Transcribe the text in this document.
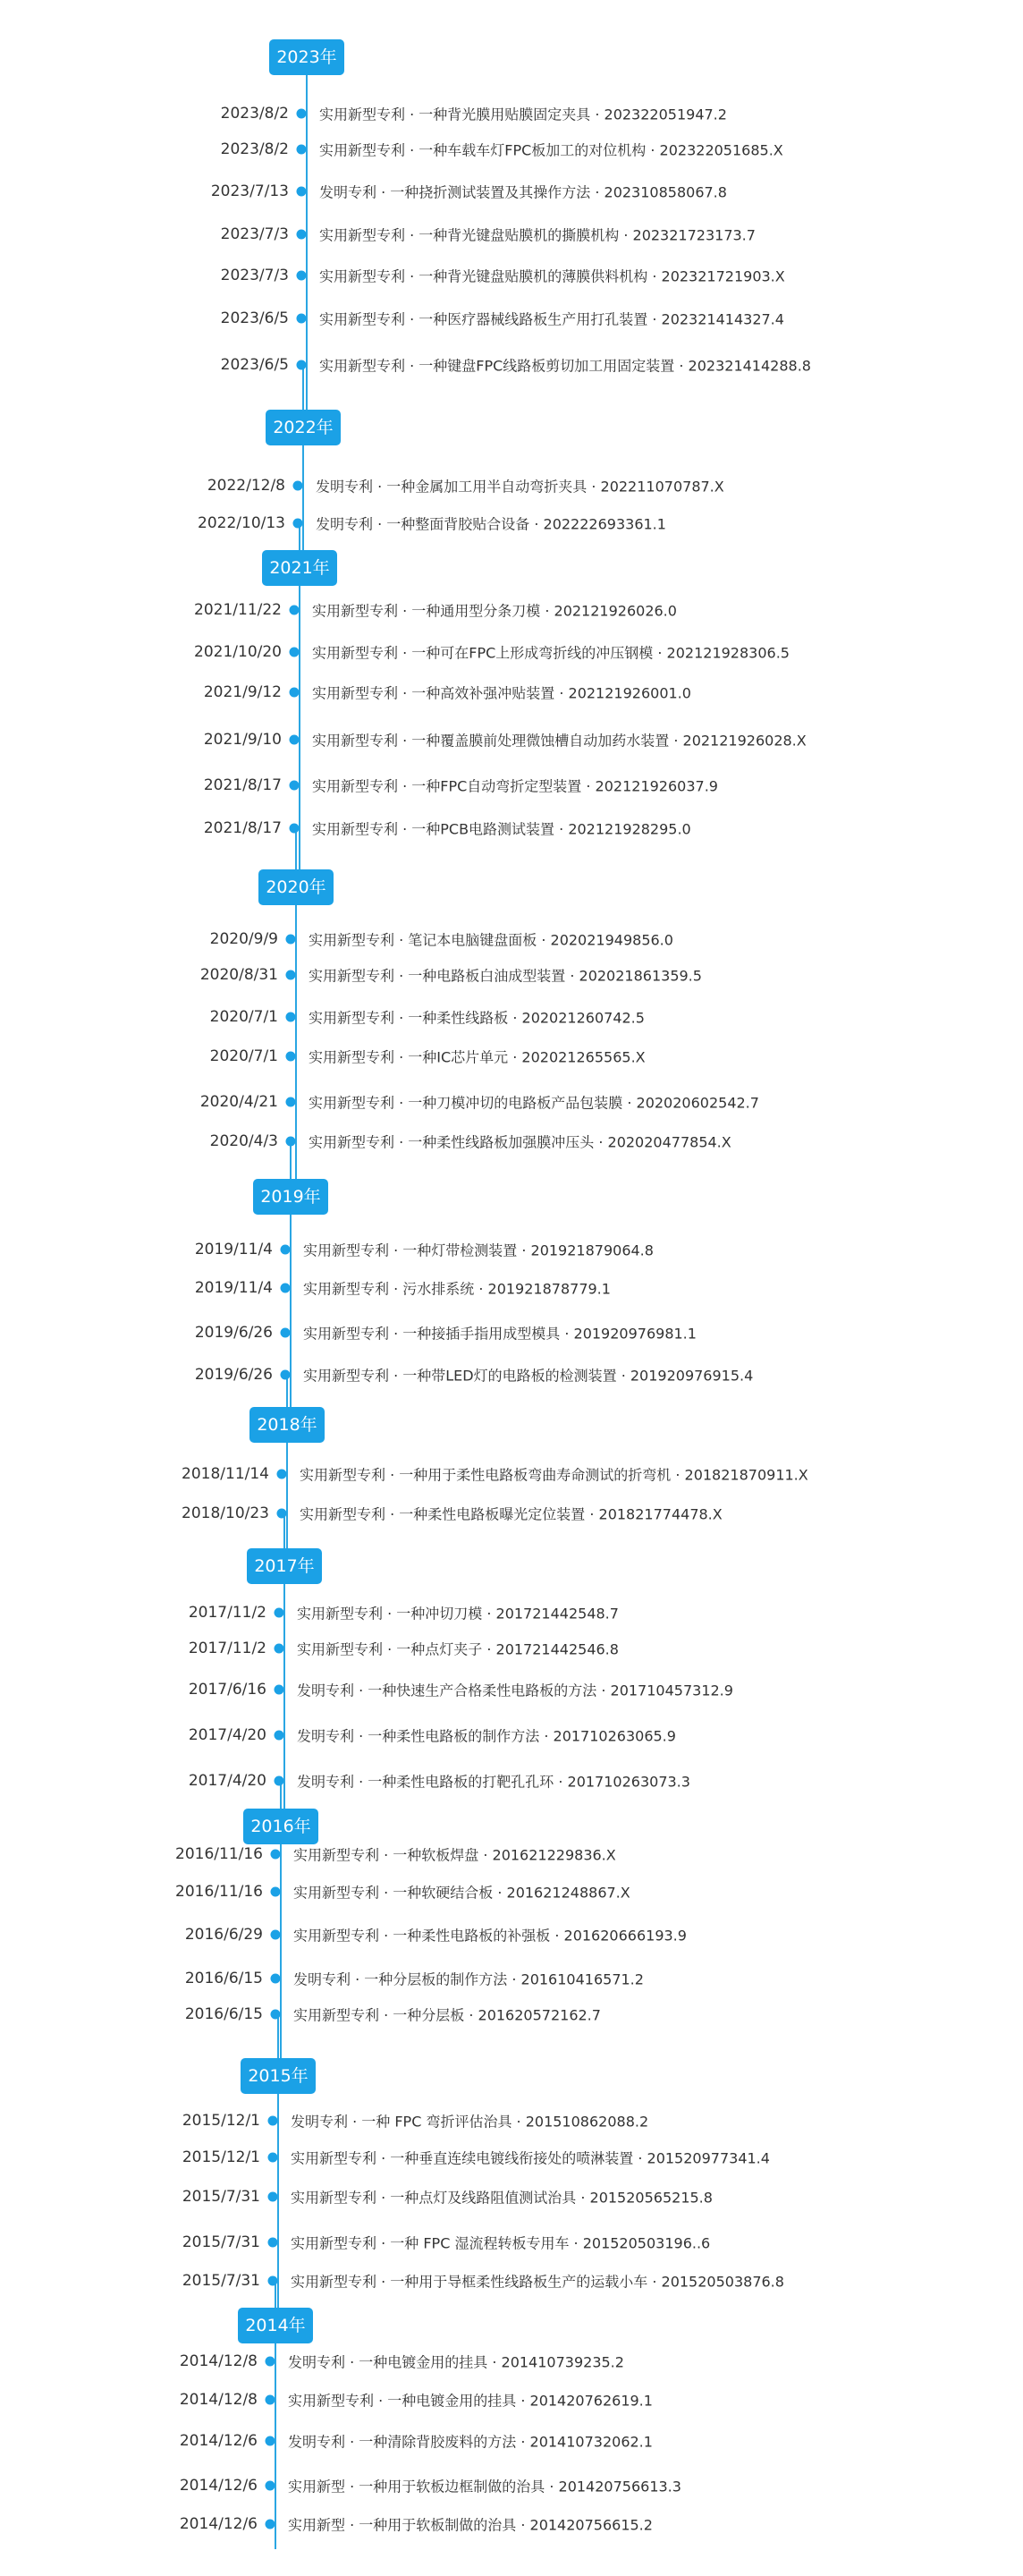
2023年
2023/8/2 实用新型专利 · 一种背光膜用贴膜固定夹具 · 202322051947.2
2023/8/2 实用新型专利 · 一种车载车灯FPC板加工的对位机构 · 202322051685.X
2023/7/13 发明专利 · 一种挠折测试装置及其操作方法 · 202310858067.8
2023/7/3 实用新型专利 · 一种背光键盘贴膜机的撕膜机构 · 202321723173.7
2023/7/3 实用新型专利 · 一种背光键盘贴膜机的薄膜供料机构 · 202321721903.X
2023/6/5 实用新型专利 · 一种医疗器械线路板生产用打孔装置 · 202321414327.4
2023/6/5 实用新型专利 · 一种键盘FPC线路板剪切加工用固定装置 · 202321414288.8
2022年
2022/12/8 发明专利 · 一种金属加工用半自动弯折夹具 · 202211070787.X
2022/10/13 发明专利 · 一种整面背胶贴合设备 · 202222693361.1
2021年
2021/11/22 实用新型专利 · 一种通用型分条刀模 · 202121926026.0
2021/10/20 实用新型专利 · 一种可在FPC上形成弯折线的冲压钢模 · 202121928306.5
2021/9/12 实用新型专利 · 一种高效补强冲贴装置 · 202121926001.0
2021/9/10 实用新型专利 · 一种覆盖膜前处理微蚀槽自动加药水装置 · 202121926028.X
2021/8/17 实用新型专利 · 一种FPC自动弯折定型装置 · 202121926037.9
2021/8/17 实用新型专利 · 一种PCB电路测试装置 · 202121928295.0
2020年
2020/9/9 实用新型专利 · 笔记本电脑键盘面板 · 202021949856.0
2020/8/31 实用新型专利 · 一种电路板白油成型装置 · 202021861359.5
2020/7/1 实用新型专利 · 一种柔性线路板 · 202021260742.5
2020/7/1 实用新型专利 · 一种IC芯片单元 · 202021265565.X
2020/4/21 实用新型专利 · 一种刀模冲切的电路板产品包装膜 · 202020602542.7
2020/4/3 实用新型专利 · 一种柔性线路板加强膜冲压头 · 202020477854.X
2019年
2019/11/4 实用新型专利 · 一种灯带检测装置 · 201921879064.8
2019/11/4 实用新型专利 · 污水排系统 · 201921878779.1
2019/6/26 实用新型专利 · 一种接插手指用成型模具 · 201920976981.1
2019/6/26 实用新型专利 · 一种带LED灯的电路板的检测装置 · 201920976915.4
2018年
2018/11/14 实用新型专利 · 一种用于柔性电路板弯曲寿命测试的折弯机 · 201821870911.X
2018/10/23 实用新型专利 · 一种柔性电路板曝光定位装置 · 201821774478.X
2017年
2017/11/2 实用新型专利 · 一种冲切刀模 · 201721442548.7
2017/11/2 实用新型专利 · 一种点灯夹子 · 201721442546.8
2017/6/16 发明专利 · 一种快速生产合格柔性电路板的方法 · 201710457312.9
2017/4/20 发明专利 · 一种柔性电路板的制作方法 · 201710263065.9
2017/4/20 发明专利 · 一种柔性电路板的打靶孔孔环 · 201710263073.3
2016年
2016/11/16 实用新型专利 · 一种软板焊盘 · 201621229836.X
2016/11/16 实用新型专利 · 一种软硬结合板 · 201621248867.X
2016/6/29 实用新型专利 · 一种柔性电路板的补强板 · 201620666193.9
2016/6/15 发明专利 · 一种分层板的制作方法 · 201610416571.2
2016/6/15 实用新型专利 · 一种分层板 · 201620572162.7
2015年
2015/12/1 发明专利 · 一种 FPC 弯折评估治具 · 201510862088.2
2015/12/1 实用新型专利 · 一种垂直连续电镀线衔接处的喷淋装置 · 201520977341.4
2015/7/31 实用新型专利 · 一种点灯及线路阻值测试治具 · 201520565215.8
2015/7/31 实用新型专利 · 一种 FPC 湿流程转板专用车 · 201520503196..6
2015/7/31 实用新型专利 · 一种用于导框柔性线路板生产的运载小车 · 201520503876.8
2014年
2014/12/8 发明专利 · 一种电镀金用的挂具 · 201410739235.2
2014/12/8 实用新型专利 · 一种电镀金用的挂具 · 201420762619.1
2014/12/6 发明专利 · 一种清除背胶废料的方法 · 201410732062.1
2014/12/6 实用新型 · 一种用于软板边框制做的治具 · 201420756613.3
2014/12/6 实用新型 · 一种用于软板制做的治具 · 201420756615.2
